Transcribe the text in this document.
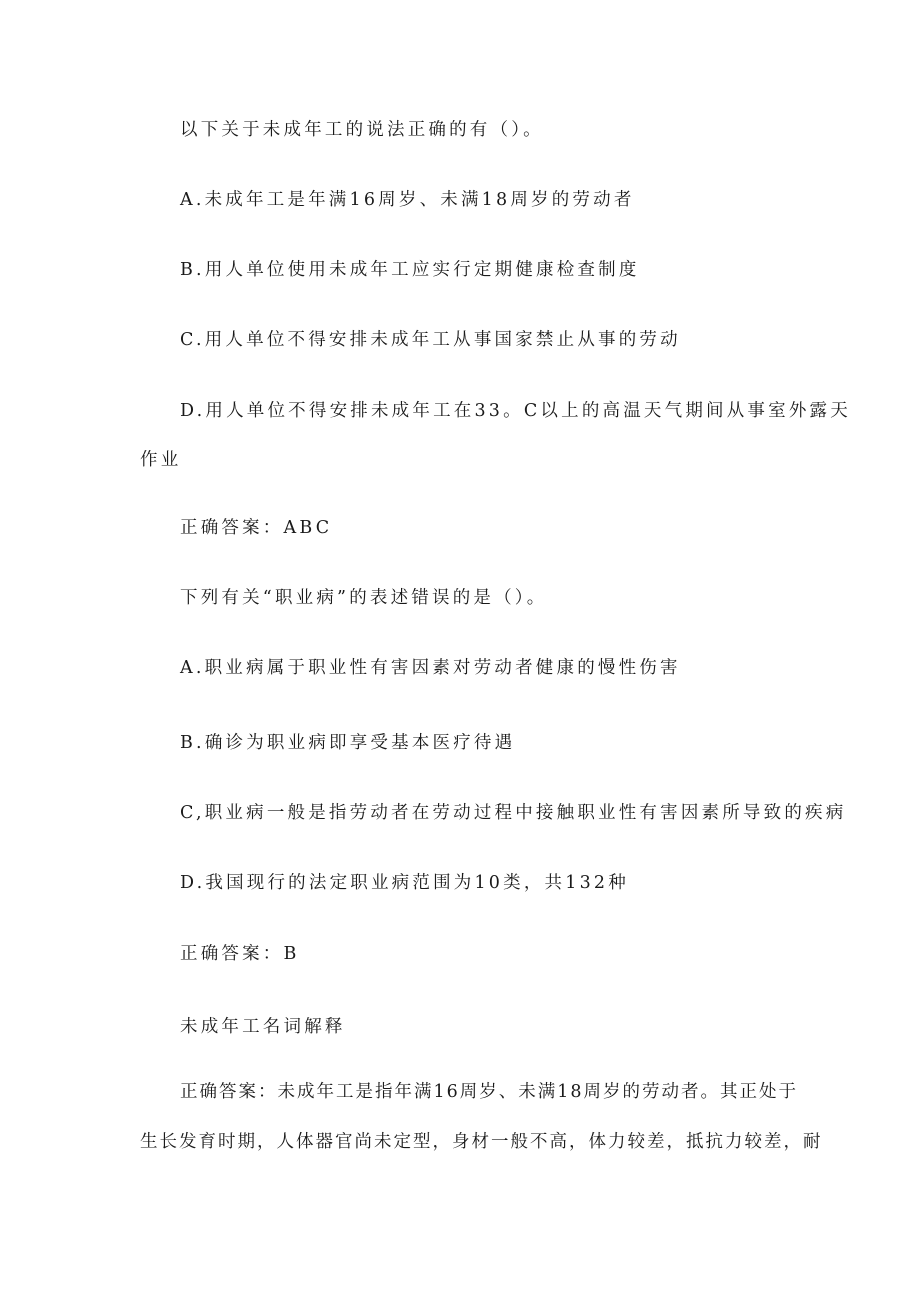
以下关于未成年工的说法正确的有（）。
A.未成年工是年满16周岁、未满18周岁的劳动者
B.用人单位使用未成年工应实行定期健康检查制度
C.用人单位不得安排未成年工从事国家禁止从事的劳动
D.用人单位不得安排未成年工在33。C以上的高温天气期间从事室外露天
作业
正确答案：ABC
下列有关“职业病”的表述错误的是（）。
A.职业病属于职业性有害因素对劳动者健康的慢性伤害
B.确诊为职业病即享受基本医疗待遇
C,职业病一般是指劳动者在劳动过程中接触职业性有害因素所导致的疾病
D.我国现行的法定职业病范围为10类，共132种
正确答案：B
未成年工名词解释
正确答案：未成年工是指年满16周岁、未满18周岁的劳动者。其正处于
生长发育时期，人体器官尚未定型，身材一般不高，体力较差，抵抗力较差，耐
